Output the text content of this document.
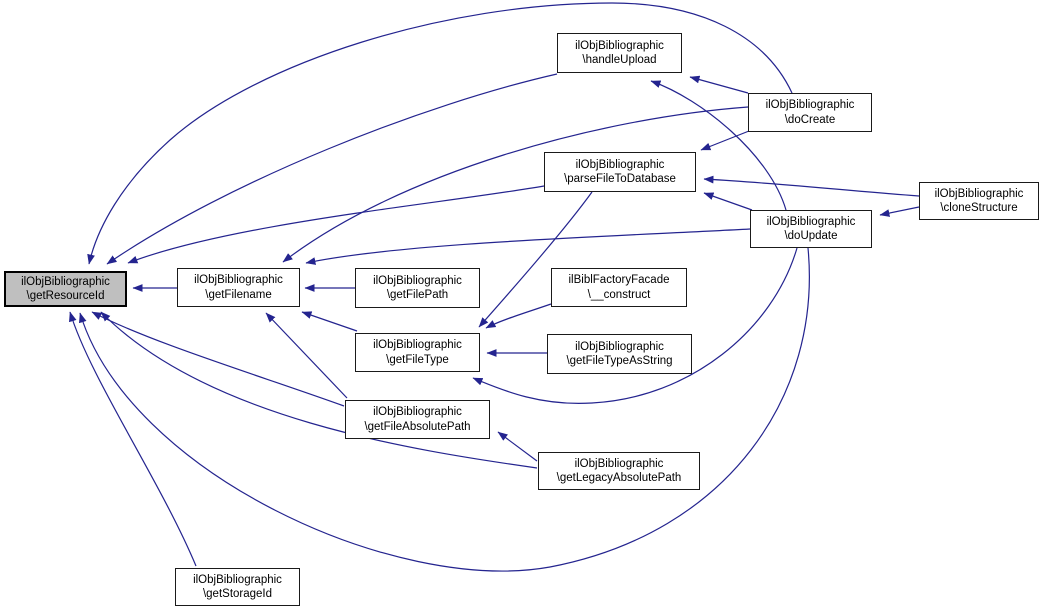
ilObjBibliographic
\getResourceId
ilObjBibliographic
\getFilename
ilObjBibliographic
\getFilePath
ilBiblFactoryFacade
\__construct
ilObjBibliographic
\handleUpload
ilObjBibliographic
\doCreate
ilObjBibliographic
\parseFileToDatabase
ilObjBibliographic
\doUpdate
ilObjBibliographic
\cloneStructure
ilObjBibliographic
\getFileType
ilObjBibliographic
\getFileTypeAsString
ilObjBibliographic
\getFileAbsolutePath
ilObjBibliographic
\getLegacyAbsolutePath
ilObjBibliographic
\getStorageId
